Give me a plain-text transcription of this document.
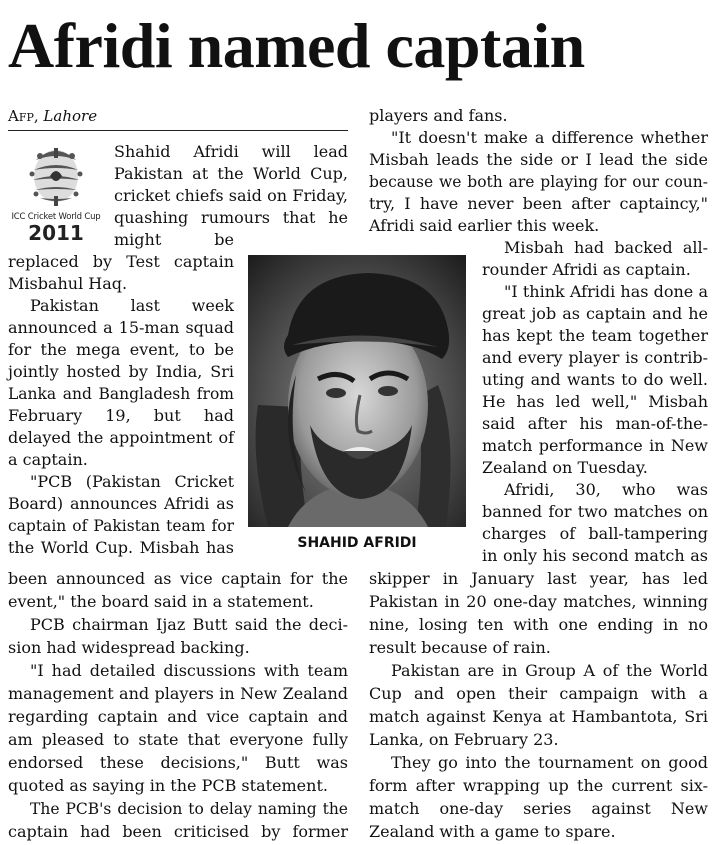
Afridi named captain
Afp, Lahore
ICC Cricket World Cup
2011
SHAHID AFRIDI

Shahid Afridi will lead

Pakistan at the World Cup,

cricket chiefs said on Friday,

quashing rumours that he

might be

replaced by Test captain

Misbahul Haq.

Pakistan last week

announced a 15-man squad

for the mega event, to be

jointly hosted by India, Sri

Lanka and Bangladesh from

February 19, but had

delayed the appointment of

a captain.

"PCB (Pakistan Cricket

Board) announces Afridi as

captain of Pakistan team for

the World Cup. Misbah has

been announced as vice captain for the

event," the board said in a statement.

PCB chairman Ijaz Butt said the deci-

sion had widespread backing.

"I had detailed discussions with team

management and players in New Zealand

regarding captain and vice captain and

am pleased to state that everyone fully

endorsed these decisions," Butt was

quoted as saying in the PCB statement.

The PCB's decision to delay naming the

captain had been criticised by former

players and fans.

"It doesn't make a difference whether

Misbah leads the side or I lead the side

because we both are playing for our coun-

try, I have never been after captaincy,"

Afridi said earlier this week.

Misbah had backed all-

rounder Afridi as captain.

"I think Afridi has done a

great job as captain and he

has kept the team together

and every player is contrib-

uting and wants to do well.

He has led well," Misbah

said after his man-of-the-

match performance in New

Zealand on Tuesday.

Afridi, 30, who was

banned for two matches on

charges of ball-tampering

in only his second match as

skipper in January last year, has led

Pakistan in 20 one-day matches, winning

nine, losing ten with one ending in no

result because of rain.

Pakistan are in Group A of the World

Cup and open their campaign with a

match against Kenya at Hambantota, Sri

Lanka, on February 23.

They go into the tournament on good

form after wrapping up the current six-

match one-day series against New

Zealand with a game to spare.
